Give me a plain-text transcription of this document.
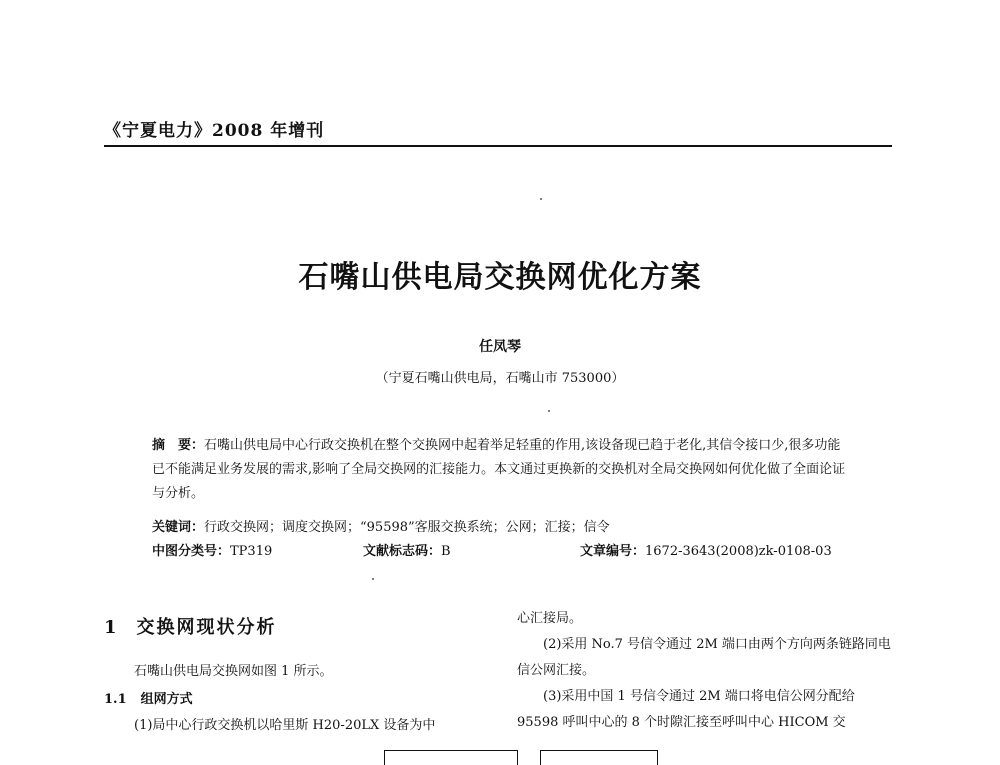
《宁夏电力》2008 年增刊
石嘴山供电局交换网优化方案
任凤琴
（宁夏石嘴山供电局，石嘴山市 753000）
摘　要：石嘴山供电局中心行政交换机在整个交换网中起着举足轻重的作用,该设备现已趋于老化,其信令接口少,很多功能已不能满足业务发展的需求,影响了全局交换网的汇接能力。本文通过更换新的交换机对全局交换网如何优化做了全面论证与分析。
关键词：行政交换网；调度交换网；“95598”客服交换系统；公网；汇接；信令
中图分类号：TP319	文献标志码：B	文章编号：1672-3643(2008)zk-0108-03
1 交换网现状分析
石嘴山供电局交换网如图 1 所示。
1.1 组网方式
(1)局中心行政交换机以哈里斯 H20-20LX 设备为中
心汇接局。
(2)采用 No.7 号信令通过 2M 端口由两个方向两条链路同电信公网汇接。
(3)采用中国 1 号信令通过 2M 端口将电信公网分配给 95598 呼叫中心的 8 个时隙汇接至呼叫中心 HICOM 交
